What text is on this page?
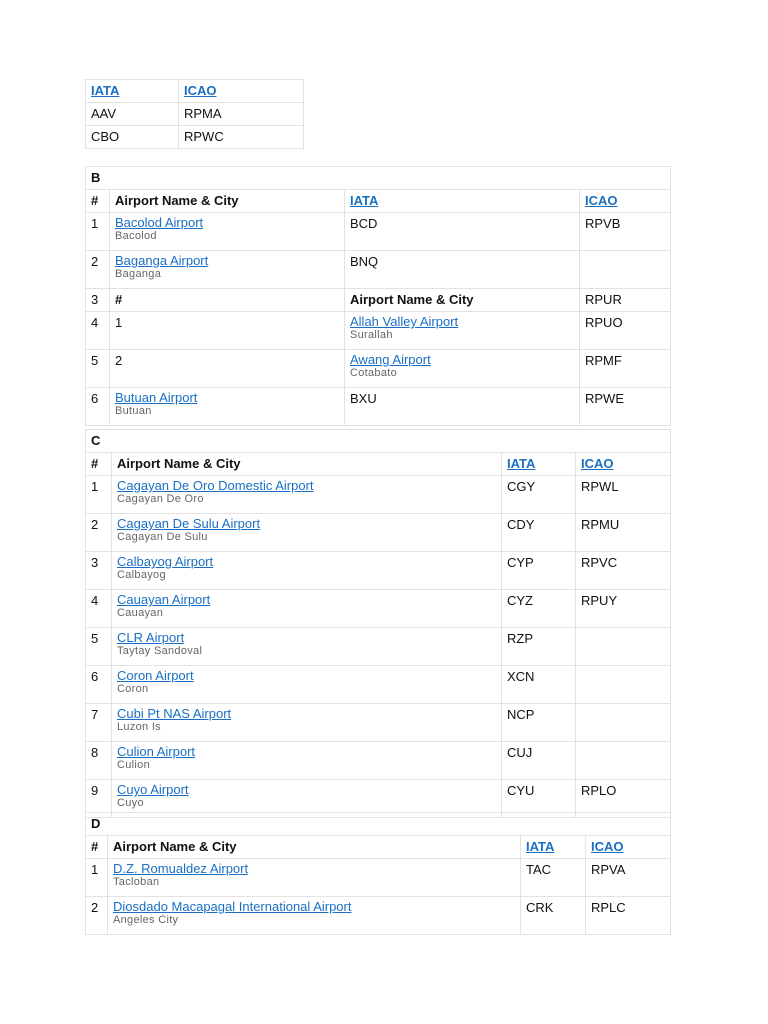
IATA	ICAO
AAV	RPMA
CBO	RPWC
B			
#	Airport Name & City	IATA	ICAO

1	Bacolod Airport
Bacolod	BCD	RPVB

2	Baganga Airport
Baganga	BNQ	

3	#	Airport Name & City	RPUR

4	1	Allah Valley Airport
Surallah	RPUO

5	2	Awang Airport
Cotabato	RPMF

6	Butuan Airport
Butuan	BXU	RPWE
C			
#	Airport Name & City	IATA	ICAO

1	Cagayan De Oro Domestic Airport
Cagayan De Oro	CGY	RPWL

2	Cagayan De Sulu Airport
Cagayan De Sulu	CDY	RPMU

3	Calbayog Airport
Calbayog	CYP	RPVC

4	Cauayan Airport
Cauayan	CYZ	RPUY

5	CLR Airport
Taytay Sandoval	RZP	

6	Coron Airport
Coron	XCN	

7	Cubi Pt NAS Airport
Luzon Is	NCP	

8	Culion Airport
Culion	CUJ	

9	Cuyo Airport
Cuyo	CYU	RPLO
D			
#	Airport Name & City	IATA	ICAO

1	D.Z. Romualdez Airport
Tacloban	TAC	RPVA

2	Diosdado Macapagal International Airport
Angeles City	CRK	RPLC
